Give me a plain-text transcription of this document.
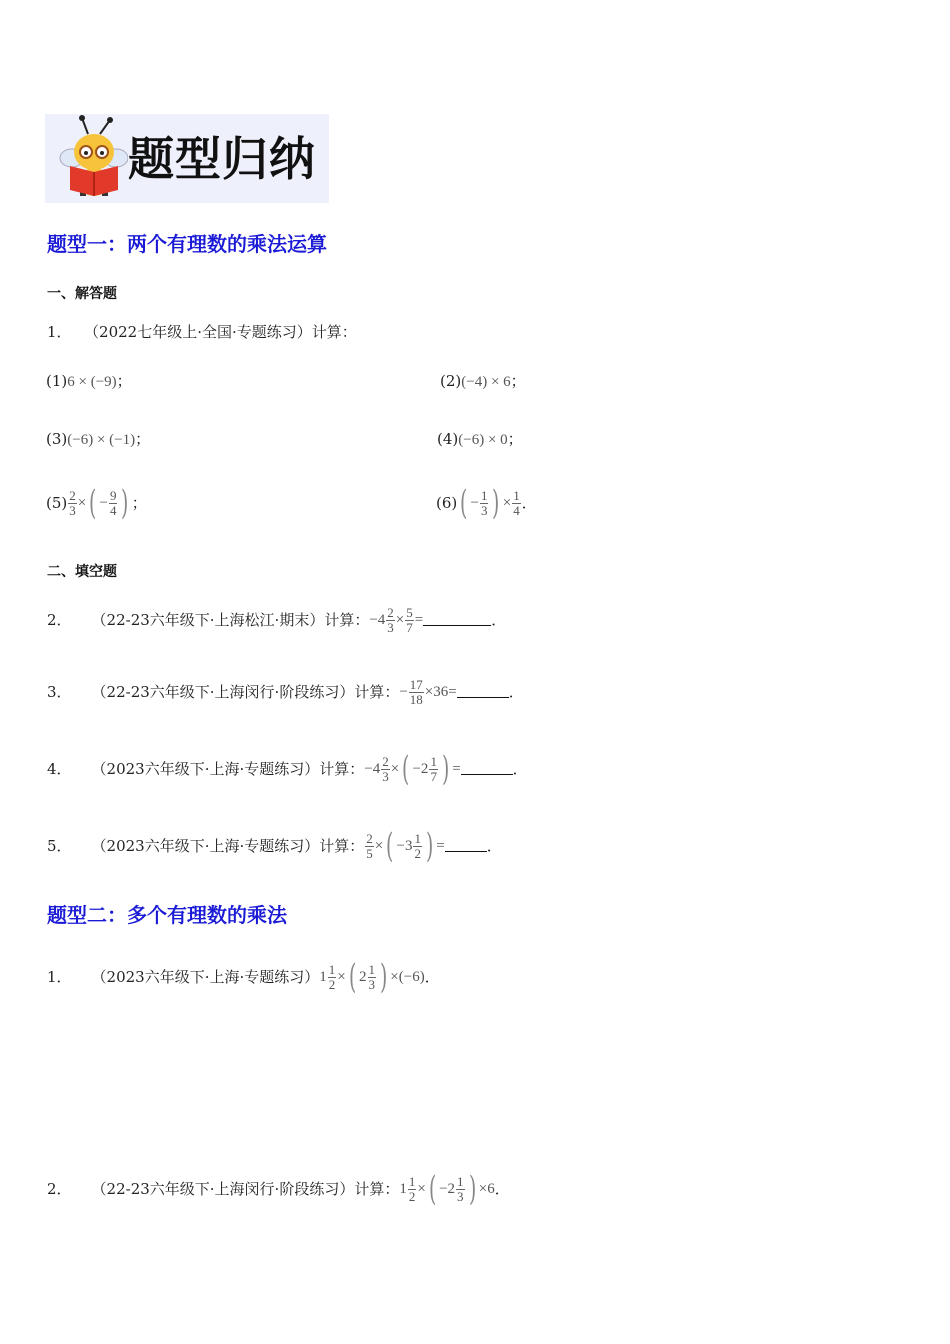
题型归纳
题型一：两个有理数的乘法运算
一、解答题
1． （2022七年级上·全国·专题练习）计算：
(1)6 × (−9)；	(2)(−4) × 6；
(3)(−6) × (−1)；	(4)(−6) × 0；
$(5) \frac{2}{3}$ × ( − $\frac{9}{4}$ ) ；	(6) ( − $\frac{1}{3}$ ) × $\frac{1}{4}$ ．
二、填空题
2． （22-23六年级下·上海松江·期末）计算： $-4 \frac{2}{3} \times \frac{5}{7}$ =	．
3． （22-23六年级下·上海闵行·阶段练习）计算： − $\frac{17}{18} \times 36$ =	．
4． （2023六年级下·上海·专题练习）计算： $-4 \frac{2}{3}$ × ( $-2 \frac{1}{7}$ ) =	．
5． （2023六年级下·上海·专题练习）计算： $\frac{2}{5}$ × ( $-3 \frac{1}{2}$ ) =	．
题型二：多个有理数的乘法
1． （2023六年级下·上海·专题练习） $1 \frac{1}{2}$ × ( $2 \frac{1}{3}$ ) × (−6) ．
2． （22-23六年级下·上海闵行·阶段练习）计算： $1 \frac{1}{2}$ × ( $-2 \frac{1}{3}$ ) × 6 ．
